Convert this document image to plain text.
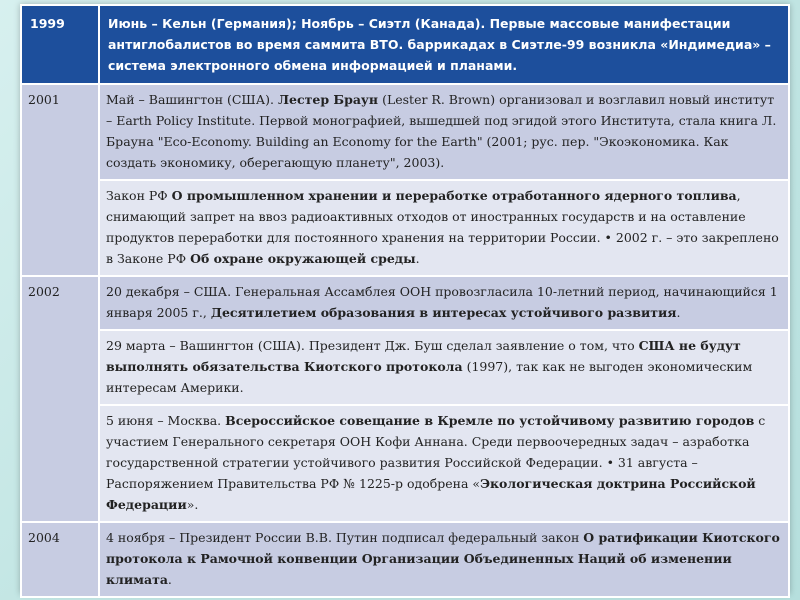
1999	Июнь – Кельн (Германия); Ноябрь – Сиэтл (Канада). Первые массовые манифестации антиглобалистов во время саммита ВТО. баррикадах в Сиэтле-99 возникла «Индимедиа» – система электронного обмена информацией и планами.
2001	Май – Вашингтон (США). Лестер Браун (Lester R. Brown) организовал и возглавил новый институт – Earth Policy Institute. Первой монографией, вышедшей под эгидой этого Института, стала книга Л. Брауна "Eco-Economy. Building an Economy for the Earth" (2001; рус. пер. "Экоэкономика. Как создать экономику, оберегающую планету", 2003).
	Закон РФ О промышленном хранении и переработке отработанного ядерного топлива, снимающий запрет на ввоз радиоактивных отходов от иностранных государств и на оставление продуктов переработки для постоянного хранения на территории России. • 2002 г. – это закреплено в Законе РФ Об охране окружающей среды.
2002	20 декабря – США. Генеральная Ассамблея ООН провозгласила 10-летний период, начинающийся 1 января 2005 г., Десятилетием образования в интересах устойчивого развития.
	29 марта – Вашингтон (США). Президент Дж. Буш сделал заявление о том, что США не будут выполнять обязательства Киотского протокола (1997), так как не выгоден экономическим интересам Америки.
	5 июня – Москва. Всероссийское совещание в Кремле по устойчивому развитию городов с участием Генерального секретаря ООН Кофи Аннана. Среди первоочередных задач – азработка государственной стратегии устойчивого развития Российской Федерации. • 31 августа – Распоряжением Правительства РФ № 1225-р одобрена «Экологическая доктрина Российской Федерации».
2004	4 ноября – Президент России В.В. Путин подписал федеральный закон О ратификации Киотского протокола к Рамочной конвенции Организации Объединенных Наций об изменении климата.
